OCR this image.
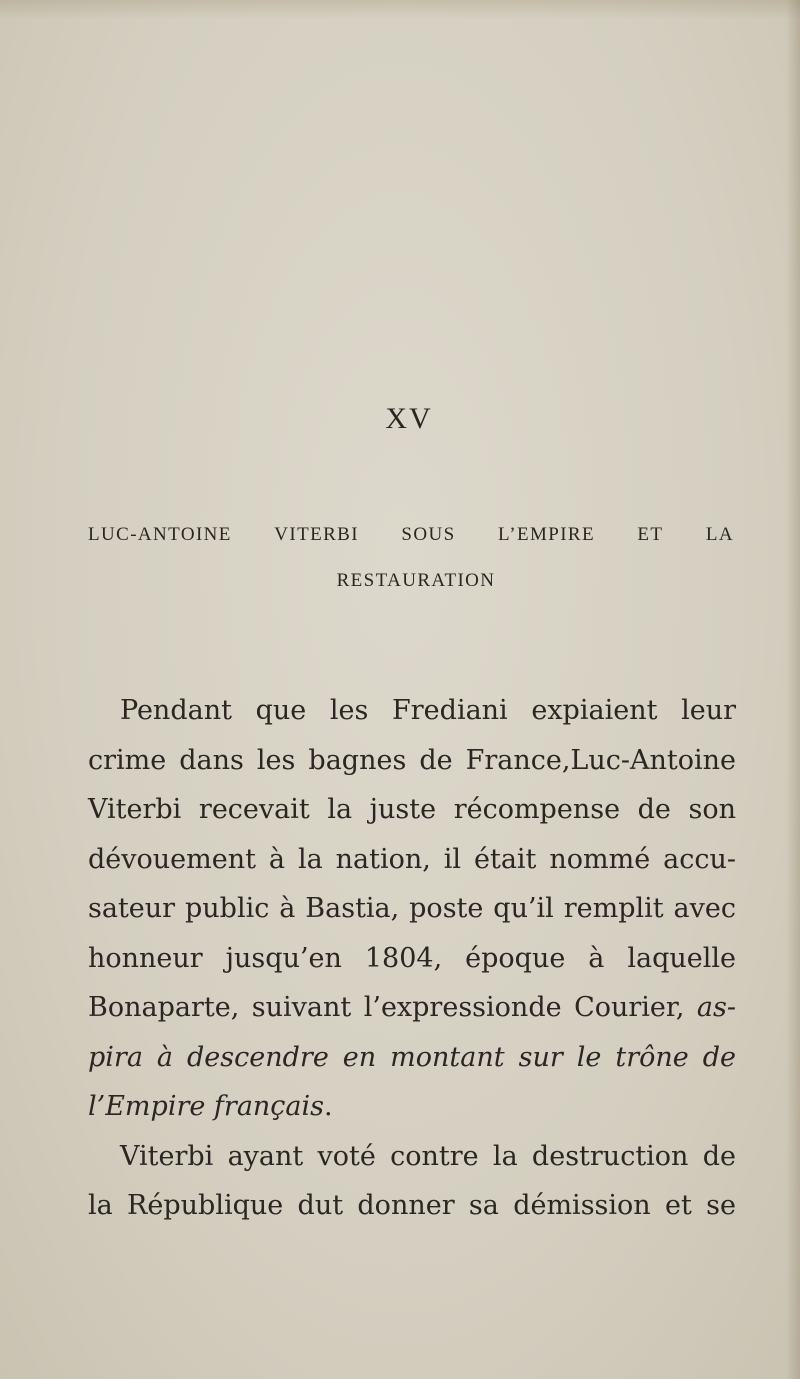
XV
LUC-ANTOINE VITERBI SOUS L’EMPIRE ET LA
RESTAURATION
Pendant que les Frediani expiaient leur
crime dans les bagnes de France,Luc-Antoine
Viterbi recevait la juste récompense de son
dévouement à la nation, il était nommé accu-
sateur public à Bastia, poste qu’il remplit avec
honneur jusqu’en 1804, époque à laquelle
Bonaparte, suivant l’expressionde Courier, as-
pira à descendre en montant sur le trône de
l’Empire français.
Viterbi ayant voté contre la destruction de
la République dut donner sa démission et se
